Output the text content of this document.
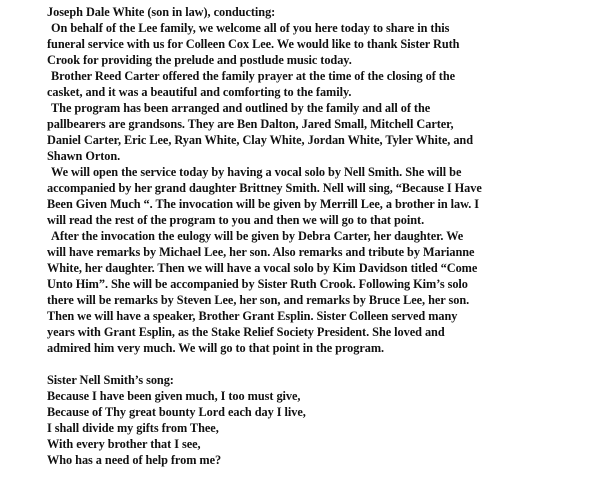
Joseph Dale White (son in law), conducting:
On behalf of the Lee family, we welcome all of you here today to share in this
funeral service with us for Colleen Cox Lee. We would like to thank Sister Ruth
Crook for providing the prelude and postlude music today.
Brother Reed Carter offered the family prayer at the time of the closing of the
casket, and it was a beautiful and comforting to the family.
The program has been arranged and outlined by the family and all of the
pallbearers are grandsons. They are Ben Dalton, Jared Small, Mitchell Carter,
Daniel Carter, Eric Lee, Ryan White, Clay White, Jordan White, Tyler White, and
Shawn Orton.
We will open the service today by having a vocal solo by Nell Smith. She will be
accompanied by her grand daughter Brittney Smith. Nell will sing, “Because I Have
Been Given Much “. The invocation will be given by Merrill Lee, a brother in law. I
will read the rest of the program to you and then we will go to that point.
After the invocation the eulogy will be given by Debra Carter, her daughter. We
will have remarks by Michael Lee, her son. Also remarks and tribute by Marianne
White, her daughter. Then we will have a vocal solo by Kim Davidson titled “Come
Unto Him”. She will be accompanied by Sister Ruth Crook. Following Kim’s solo
there will be remarks by Steven Lee, her son, and remarks by Bruce Lee, her son.
Then we will have a speaker, Brother Grant Esplin. Sister Colleen served many
years with Grant Esplin, as the Stake Relief Society President. She loved and
admired him very much. We will go to that point in the program.
Sister Nell Smith’s song:
Because I have been given much, I too must give,
Because of Thy great bounty Lord each day I live,
I shall divide my gifts from Thee,
With every brother that I see,
Who has a need of help from me?
